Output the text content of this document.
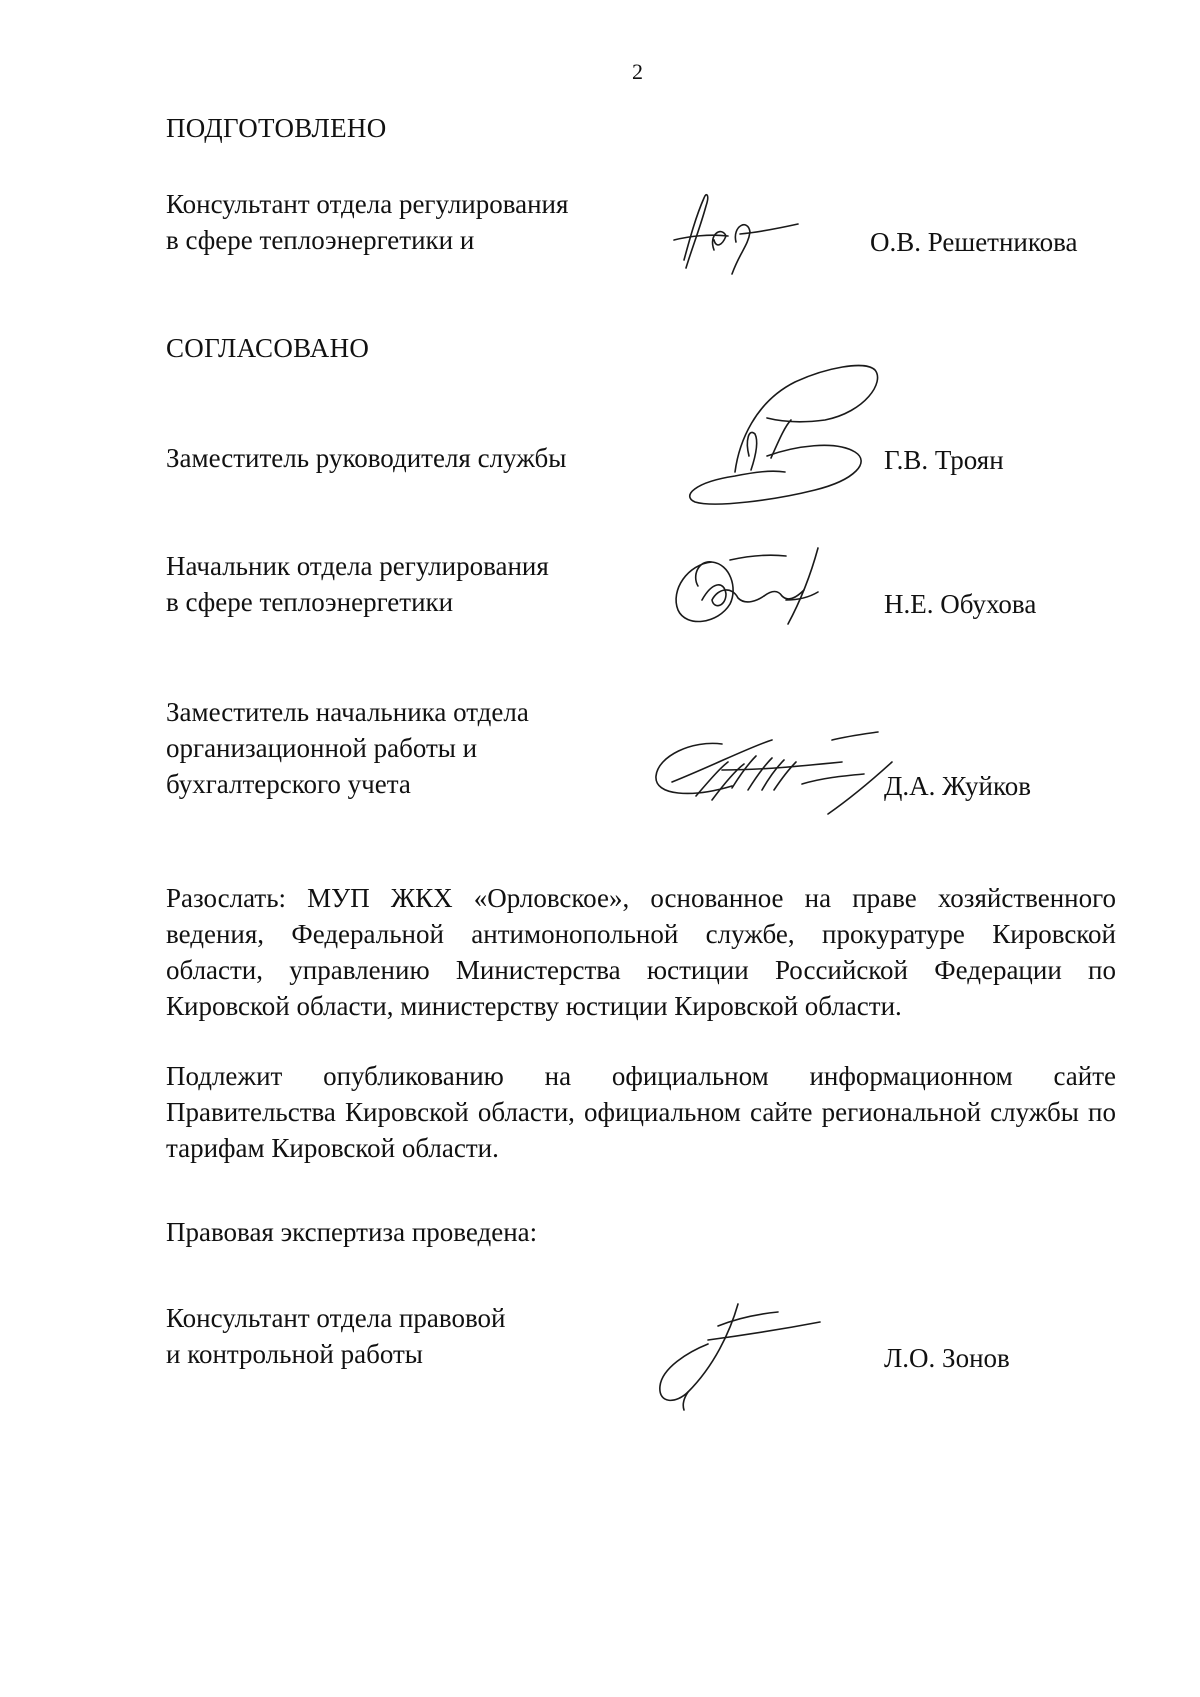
2
ПОДГОТОВЛЕНО
Консультант отдела регулирования
в сфере теплоэнергетики и	О.В. Решетникова
СОГЛАСОВАНО
Заместитель руководителя службы	Г.В. Троян
Начальник отдела регулирования
в сфере теплоэнергетики	Н.Е. Обухова
Заместитель начальника отдела
организационной работы и
бухгалтерского учета	Д.А. Жуйков
Разослать: МУП ЖКХ «Орловское», основанное на праве хозяйственного ведения, Федеральной антимонопольной службе, прокуратуре Кировской области, управлению Министерства юстиции Российской Федерации по Кировской области, министерству юстиции Кировской области.
Подлежит опубликованию на официальном информационном сайте Правительства Кировской области, официальном сайте региональной службы по тарифам Кировской области.
Правовая экспертиза проведена:
Консультант отдела правовой
и контрольной работы	Л.О. Зонов
